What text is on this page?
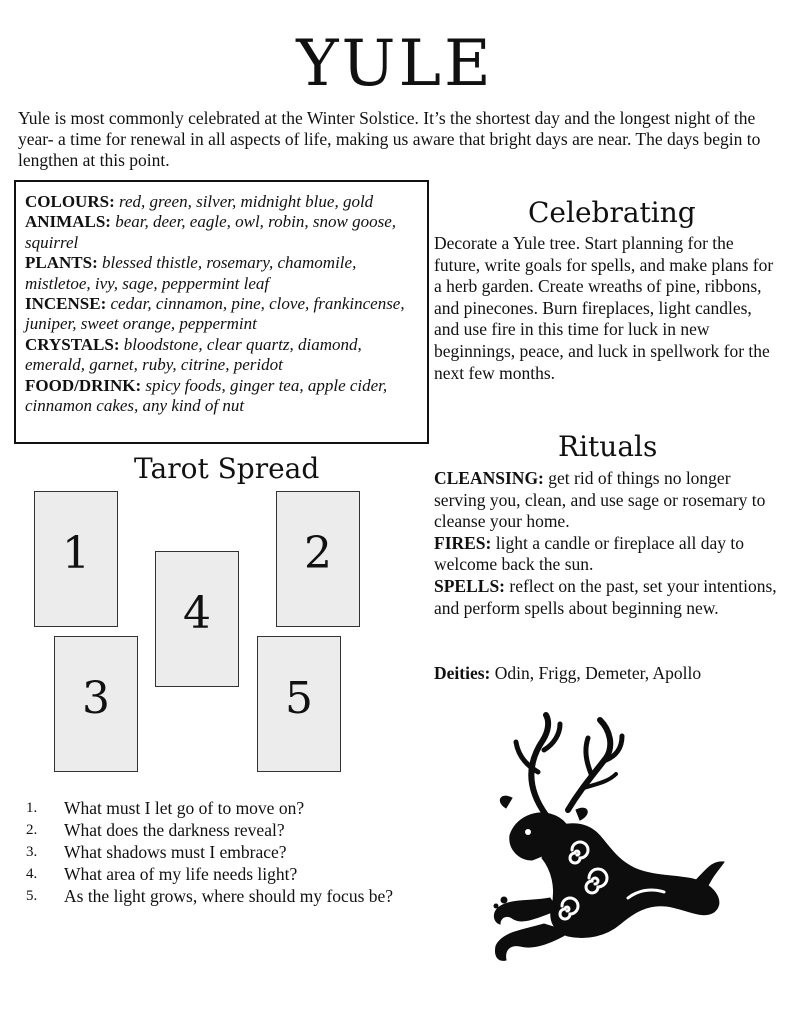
YULE
Yule is most commonly celebrated at the Winter Solstice. It’s the shortest day and the longest night of the year- a time for renewal in all aspects of life, making us aware that bright days are near. The days begin to lengthen at this point.
COLOURS: red, green, silver, midnight blue, gold
ANIMALS: bear, deer, eagle, owl, robin, snow goose, squirrel
PLANTS: blessed thistle, rosemary, chamomile, mistletoe, ivy, sage, peppermint leaf
INCENSE: cedar, cinnamon, pine, clove, frankincense, juniper, sweet orange, peppermint
CRYSTALS: bloodstone, clear quartz, diamond, emerald, garnet, ruby, citrine, peridot
FOOD/DRINK: spicy foods, ginger tea, apple cider, cinnamon cakes, any kind of nut
Celebrating
Decorate a Yule tree. Start planning for the future, write goals for spells, and make plans for a herb garden. Create wreaths of pine, ribbons, and pinecones. Burn fireplaces, light candles, and use fire in this time for luck in new beginnings, peace, and luck in spellwork for the next few months.
Rituals
CLEANSING: get rid of things no longer serving you, clean, and use sage or rosemary to cleanse your home.
FIRES: light a candle or fireplace all day to welcome back the sun.
SPELLS: reflect on the past, set your intentions, and perform spells about beginning new.
Deities: Odin, Frigg, Demeter, Apollo
Tarot Spread
1	2
4
3	5
1.	What must I let go of to move on?
2.	What does the darkness reveal?
3.	What shadows must I embrace?
4.	What area of my life needs light?
5.	As the light grows, where should my focus be?
